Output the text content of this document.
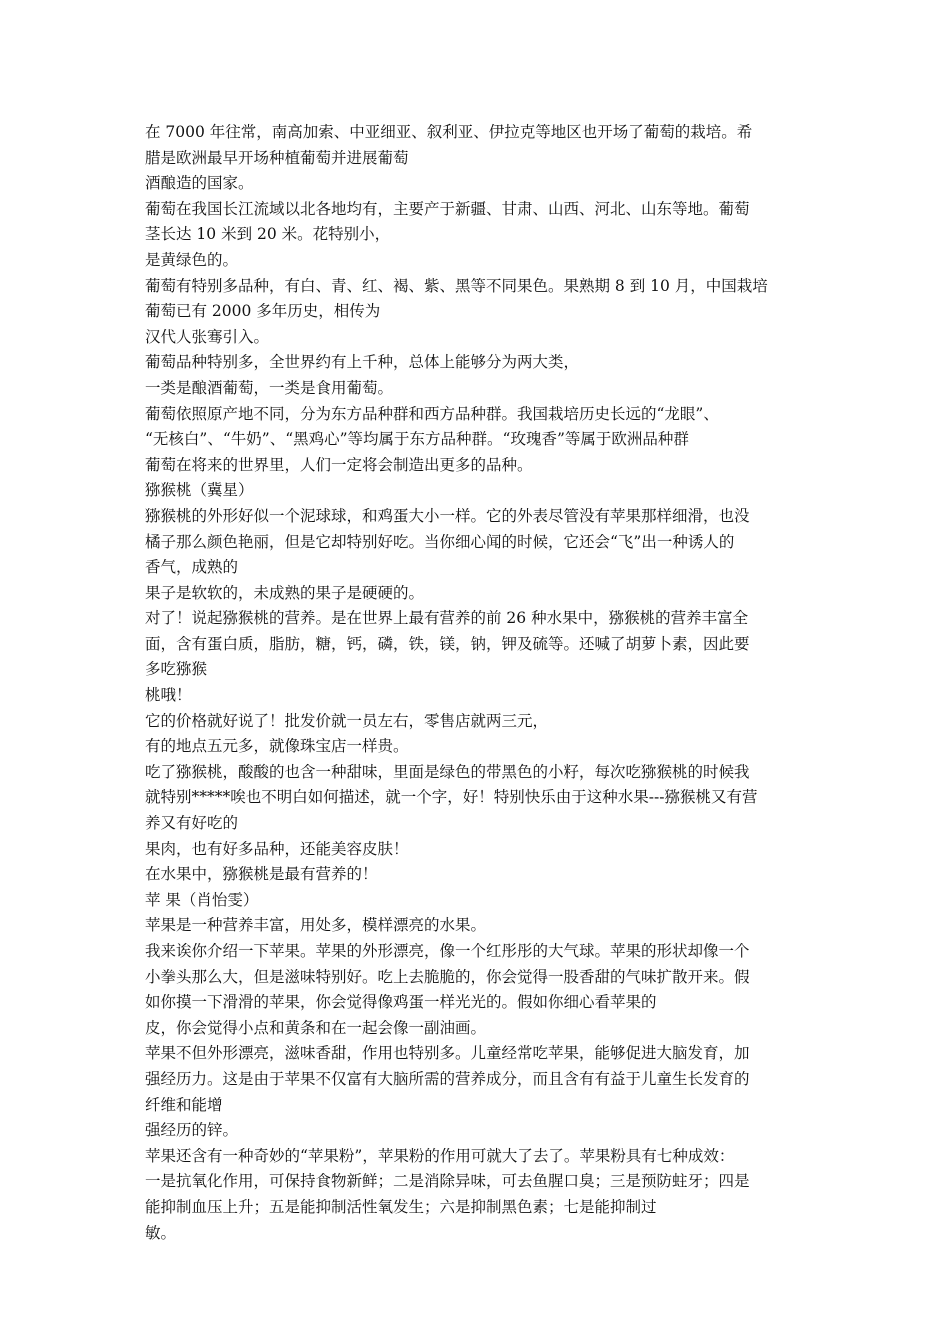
在 7000 年往常，南高加索、中亚细亚、叙利亚、伊拉克等地区也开场了葡萄的栽培。希
腊是欧洲最早开场种植葡萄并进展葡萄
酒酿造的国家。
葡萄在我国长江流域以北各地均有，主要产于新疆、甘肃、山西、河北、山东等地。葡萄
茎长达 10 米到 20 米。花特别小，
是黄绿色的。
葡萄有特别多品种，有白、青、红、褐、紫、黑等不同果色。果熟期 8 到 10 月，中国栽培
葡萄已有 2000 多年历史，相传为
汉代人张骞引入。
葡萄品种特别多，全世界约有上千种，总体上能够分为两大类，
一类是酿酒葡萄，一类是食用葡萄。
葡萄依照原产地不同，分为东方品种群和西方品种群。我国栽培历史长远的“龙眼”、
“无核白”、“牛奶”、“黑鸡心”等均属于东方品种群。“玫瑰香”等属于欧洲品种群
葡萄在将来的世界里，人们一定将会制造出更多的品种。
猕猴桃（冀星）
猕猴桃的外形好似一个泥球球，和鸡蛋大小一样。它的外表尽管没有苹果那样细滑，也没
橘子那么颜色艳丽，但是它却特别好吃。当你细心闻的时候，它还会“飞”出一种诱人的
香气，成熟的
果子是软软的，未成熟的果子是硬硬的。
对了！说起猕猴桃的营养。是在世界上最有营养的前 26 种水果中，猕猴桃的营养丰富全
面，含有蛋白质，脂肪，糖，钙，磷，铁，镁，钠，钾及硫等。还喊了胡萝卜素，因此要
多吃猕猴
桃哦！
它的价格就好说了！批发价就一员左右，零售店就两三元，
有的地点五元多，就像珠宝店一样贵。
吃了猕猴桃，酸酸的也含一种甜味，里面是绿色的带黑色的小籽，每次吃猕猴桃的时候我
就特别*****唉也不明白如何描述，就一个字，好！特别快乐由于这种水果---猕猴桃又有营
养又有好吃的
果肉，也有好多品种，还能美容皮肤！
在水果中，猕猴桃是最有营养的！
苹 果（肖怡雯）
苹果是一种营养丰富，用处多，模样漂亮的水果。
我来诶你介绍一下苹果。苹果的外形漂亮，像一个红彤彤的大气球。苹果的形状却像一个
小拳头那么大，但是滋味特别好。吃上去脆脆的，你会觉得一股香甜的气味扩散开来。假
如你摸一下滑滑的苹果，你会觉得像鸡蛋一样光光的。假如你细心看苹果的
皮，你会觉得小点和黄条和在一起会像一副油画。
苹果不但外形漂亮，滋味香甜，作用也特别多。儿童经常吃苹果，能够促进大脑发育，加
强经历力。这是由于苹果不仅富有大脑所需的营养成分，而且含有有益于儿童生长发育的
纤维和能增
强经历的锌。
苹果还含有一种奇妙的“苹果粉”，苹果粉的作用可就大了去了。苹果粉具有七种成效：
一是抗氧化作用，可保持食物新鲜；二是消除异味，可去鱼腥口臭；三是预防蛀牙；四是
能抑制血压上升；五是能抑制活性氧发生；六是抑制黑色素；七是能抑制过
敏。
